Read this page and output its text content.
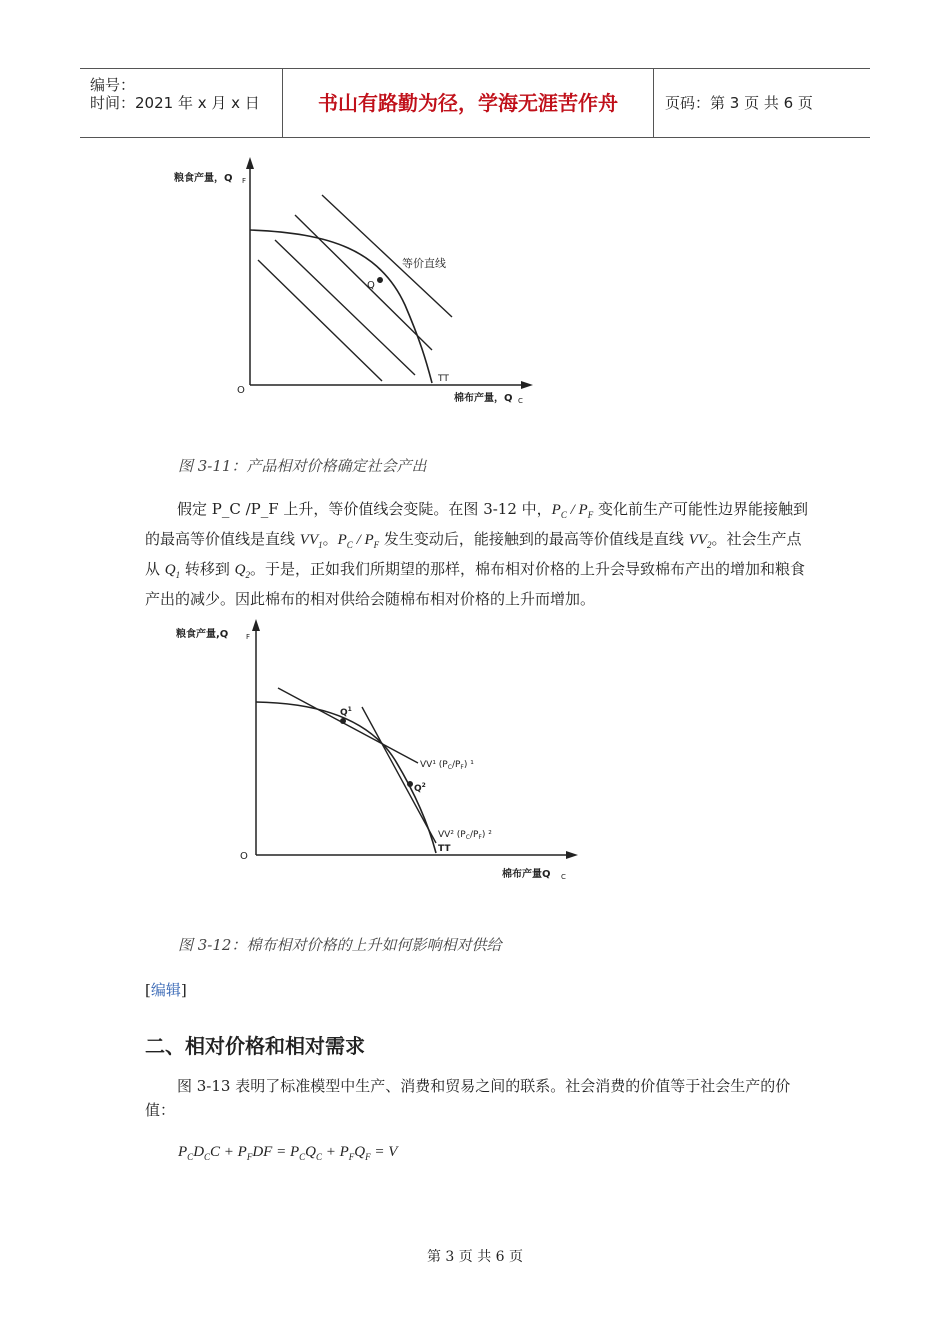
编号：
时间：2021 年 x 月 x 日	书山有路勤为径，学海无涯苦作舟	页码：第 3 页 共 6 页
粮食产量，Q F
等价直线
Q
TT
O
棉布产量，Q C
图 3-11：产品相对价格确定社会产出
假定 P_C /P_F 上升，等价值线会变陡。在图 3-12 中，$P_C / P_F$ 变化前生产可能性边界能接触到的最高等价值线是直线 $VV_1$。$P_C / P_F$ 发生变动后，能接触到的最高等价值线是直线 $VV_2$。社会生产点从 $Q_1$ 转移到 $Q_2$。于是，正如我们所期望的那样，棉布相对价格的上升会导致棉布产出的增加和粮食产出的减少。因此棉布的相对供给会随棉布相对价格的上升而增加。
粮食产量,Q	F
$Q^1$
$Q^2$
VV¹ $(P_C/P_F)$ ¹
VV² $(P_C/P_F)$ ²
TT
O
棉布产量Q C
图 3-12：棉布相对价格的上升如何影响相对供给
[编辑]
二、相对价格和相对需求
图 3-13 表明了标准模型中生产、消费和贸易之间的联系。社会消费的价值等于社会生产的价值：
$P_CD_CC + P_FDF = P_CQ_C + P_FQ_F = V$
第 3 页 共 6 页
